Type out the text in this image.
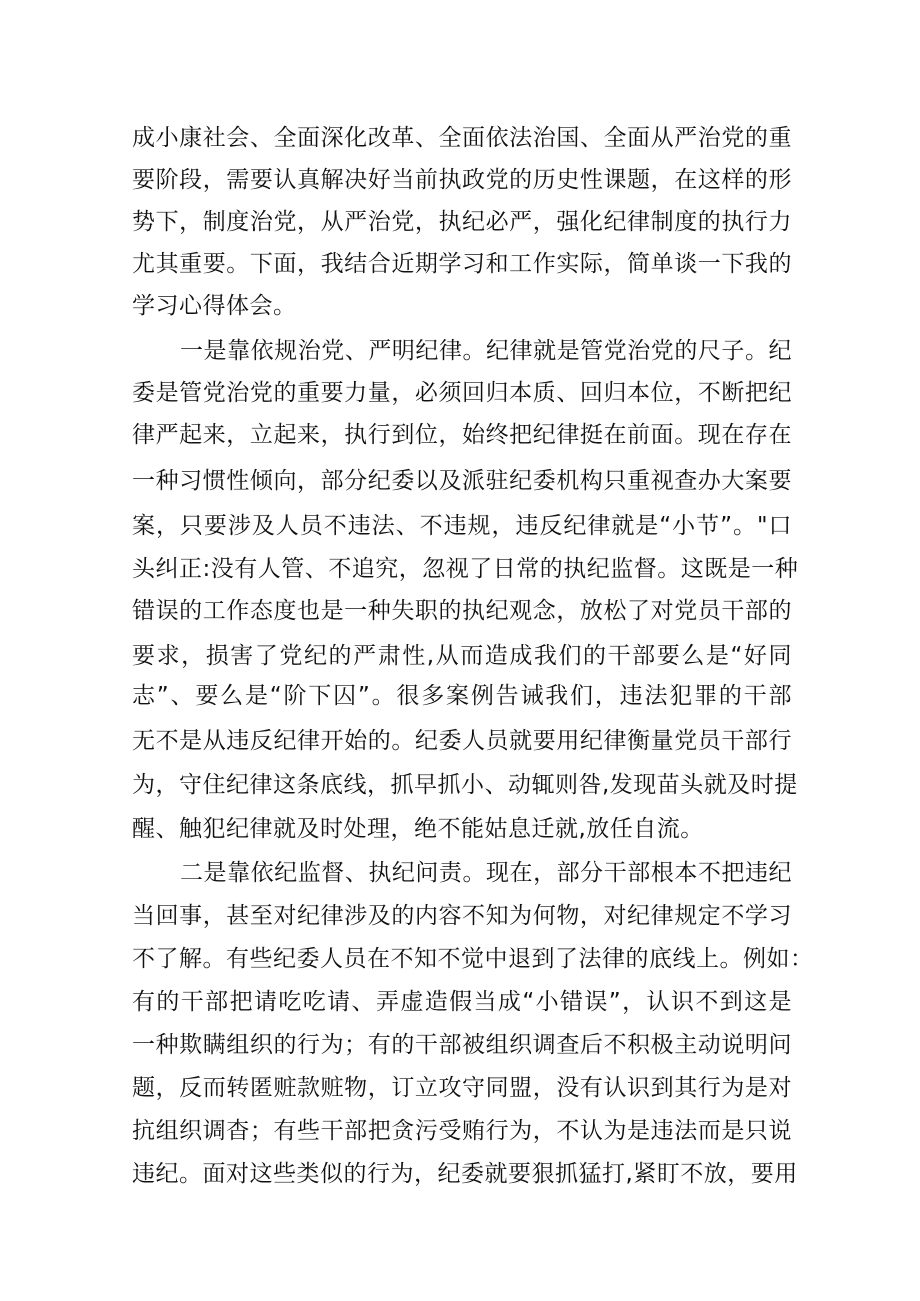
成小康社会、全面深化改革、全面依法治国、全面从严治党的重
要阶段，需要认真解决好当前执政党的历史性课题，在这样的形
势下，制度治党，从严治党，执纪必严，强化纪律制度的执行力
尤其重要。下面，我结合近期学习和工作实际，简单谈一下我的
学习心得体会。
一是靠依规治党、严明纪律。纪律就是管党治党的尺子。纪
委是管党治党的重要力量，必须回归本质、回归本位，不断把纪
律严起来，立起来，执行到位，始终把纪律挺在前面。现在存在
一种习惯性倾向，部分纪委以及派驻纪委机构只重视查办大案要
案，只要涉及人员不违法、不违规，违反纪律就是“小节”。"口
头纠正:没有人管、不追究，忽视了日常的执纪监督。这既是一种
错误的工作态度也是一种失职的执纪观念，放松了对党员干部的
要求，损害了党纪的严肃性,从而造成我们的干部要么是“好同
志”、要么是“阶下囚”。很多案例告诫我们，违法犯罪的干部
无不是从违反纪律开始的。纪委人员就要用纪律衡量党员干部行
为，守住纪律这条底线，抓早抓小、动辄则咎,发现苗头就及时提
醒、触犯纪律就及时处理，绝不能姑息迁就,放任自流。
二是靠依纪监督、执纪问责。现在，部分干部根本不把违纪
当回事，甚至对纪律涉及的内容不知为何物，对纪律规定不学习
不了解。有些纪委人员在不知不觉中退到了法律的底线上。例如：
有的干部把请吃吃请、弄虚造假当成“小错误”，认识不到这是
一种欺瞒组织的行为；有的干部被组织调查后不积极主动说明问
题，反而转匿赃款赃物，订立攻守同盟，没有认识到其行为是对
抗组织调杳；有些干部把贪污受贿行为，不认为是违法而是只说
违纪。面对这些类似的行为，纪委就要狠抓猛打,紧盯不放，要用
